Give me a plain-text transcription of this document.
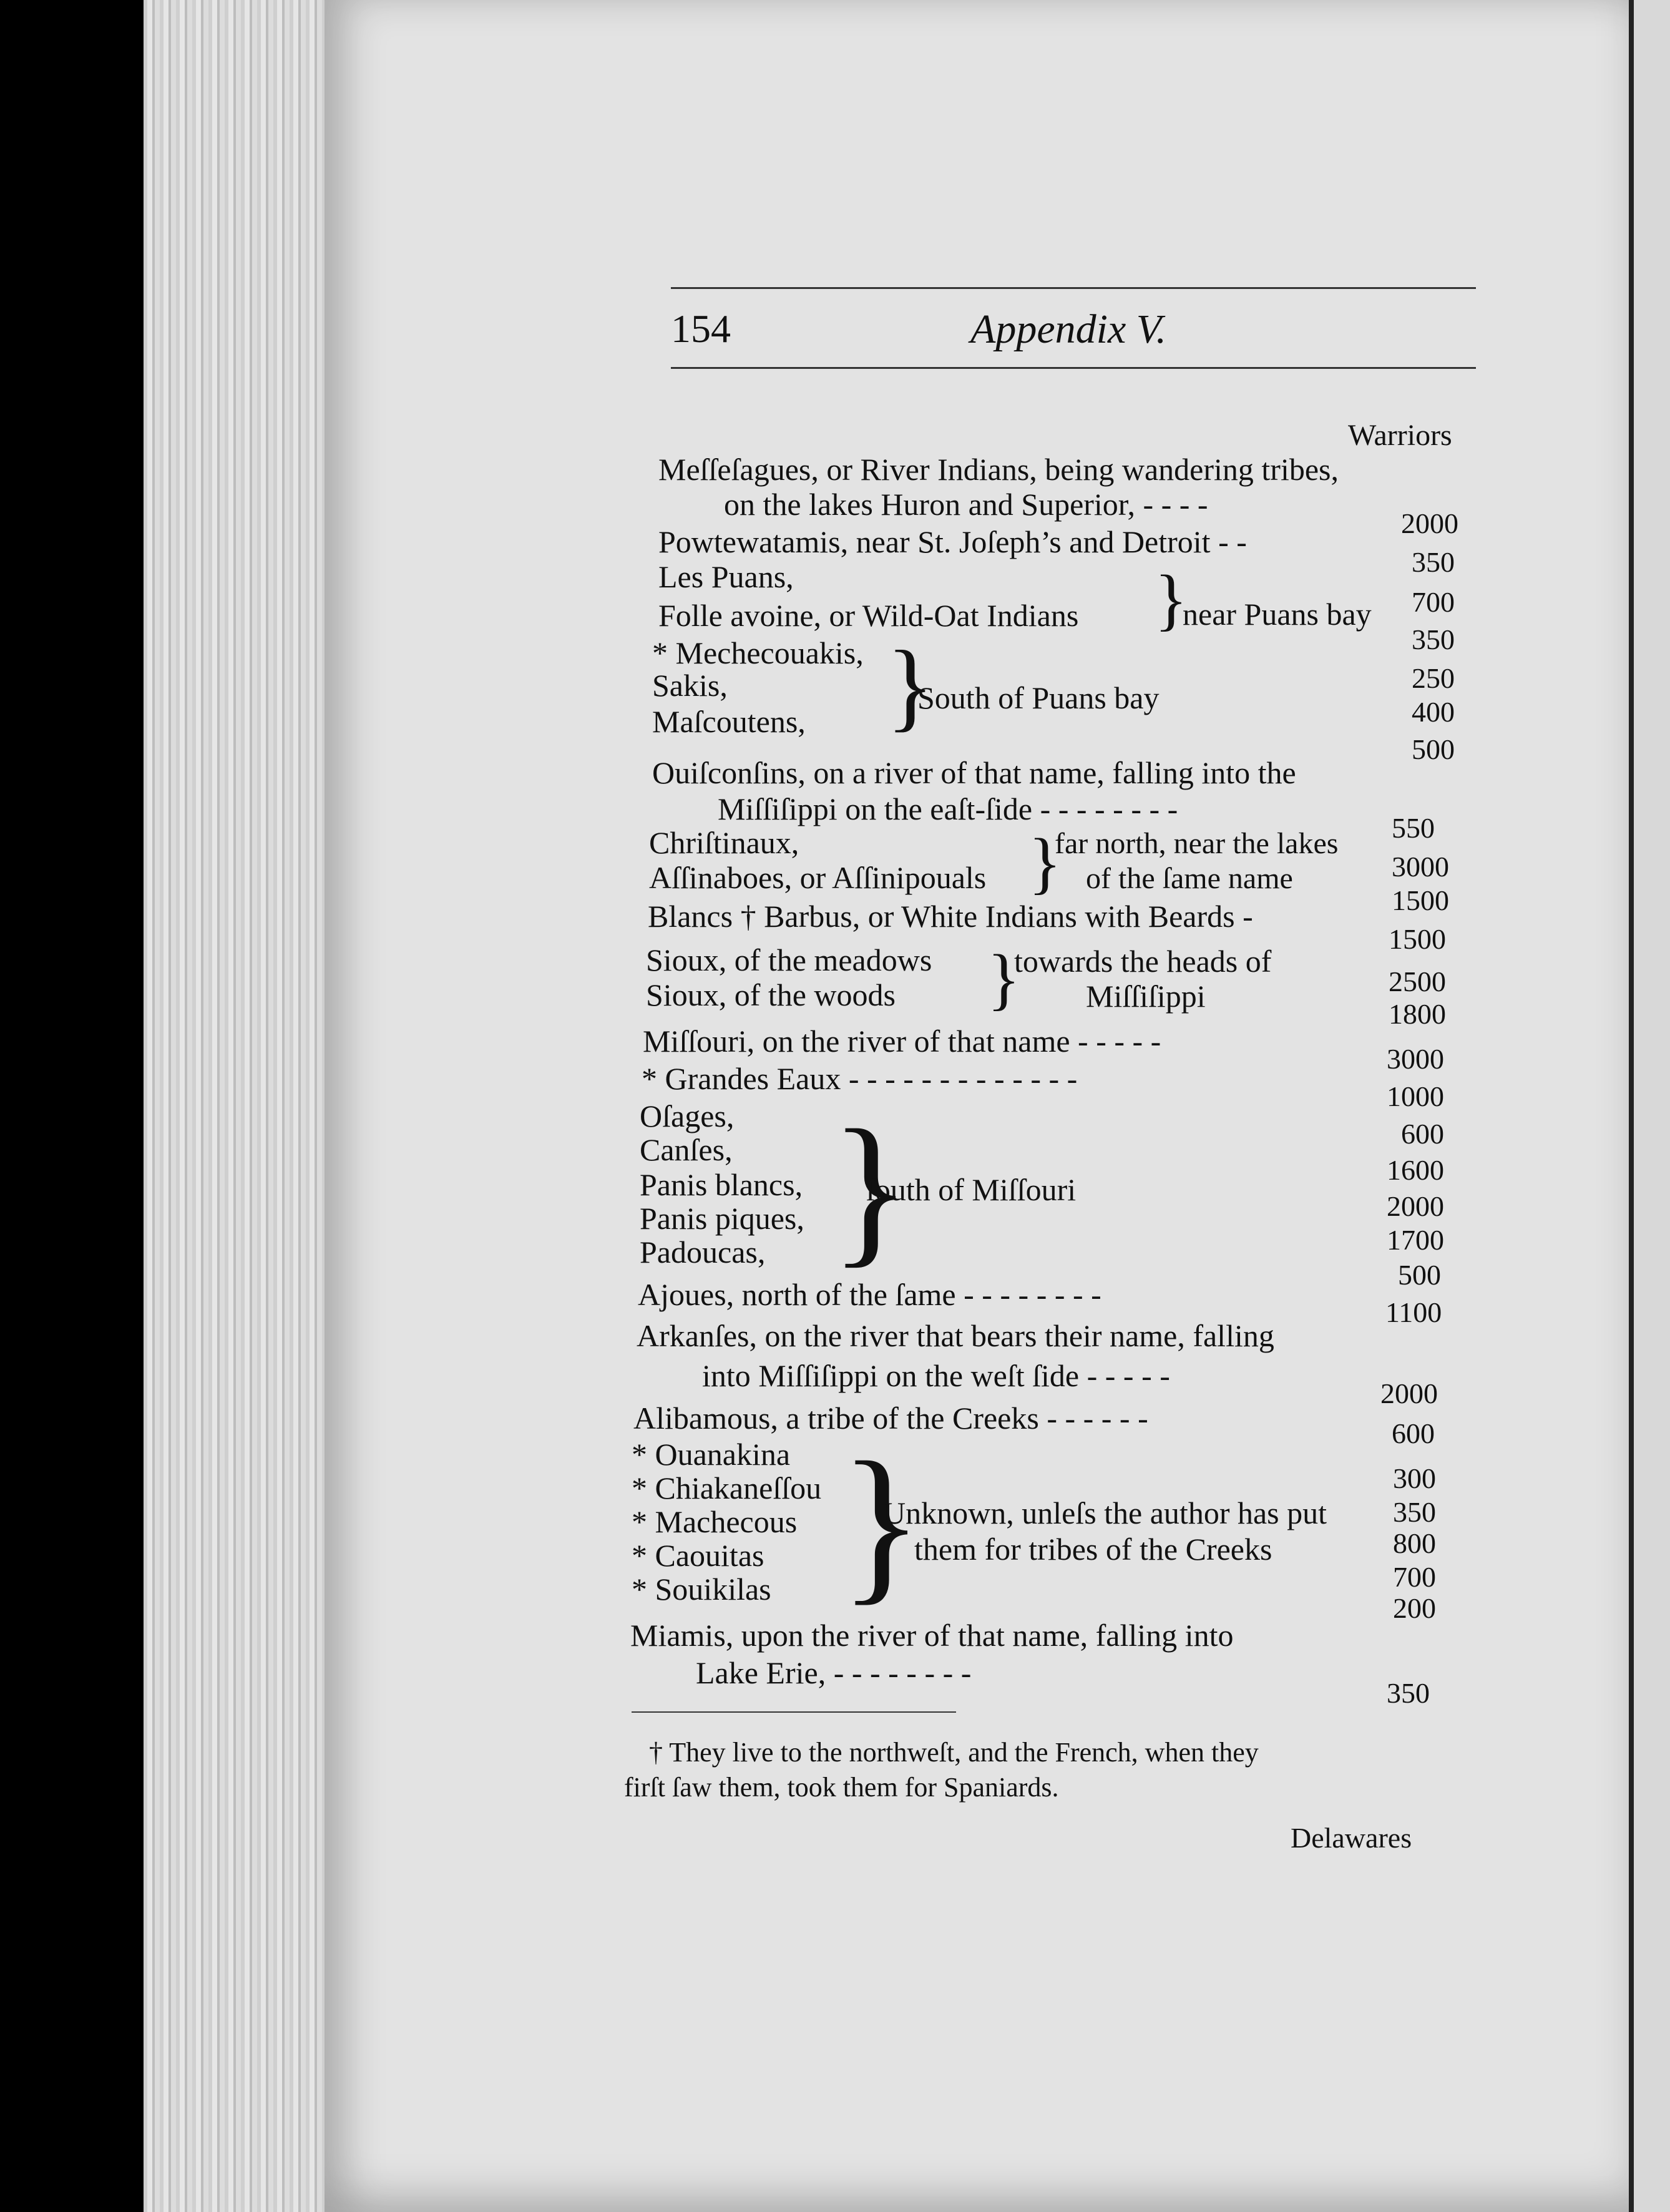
154	Appendix V.
Warriors
Meſſeſagues, or River Indians, being wandering tribes,
on the lakes Huron and Superior, - - - -
2000
Powtewatamis, near St. Joſeph’s and Detroit - -
350
Les Puans,
700
Folle avoine, or Wild-Oat Indians
350
}
near Puans bay
* Mechecouakis,
250
Sakis,
400
Maſcoutens,
500
}
South of Puans bay
Ouiſconſins, on a river of that name, falling into the
Miſſiſippi on the eaſt-ſide - - - - - - - -
550
Chriſtinaux,
3000
Aſſinaboes, or Aſſinipouals
1500
}
far north, near the lakes
of the ſame name
Blancs † Barbus, or White Indians with Beards -
1500
Sioux, of the meadows
2500
Sioux, of the woods
1800
}
towards the heads of
Miſſiſippi
Miſſouri, on the river of that name - - - - -
3000
* Grandes Eaux - - - - - - - - - - - - -
1000
Oſages,
600
Canſes,
1600
Panis blancs,
2000
Panis piques,
1700
Padoucas,
500
}
ſouth of Miſſouri
Ajoues, north of the ſame - - - - - - - -
1100
Arkanſes, on the river that bears their name, falling
into Miſſiſippi on the weſt ſide - - - - -
2000
Alibamous, a tribe of the Creeks - - - - - -	600
* Ouanakina
300
* Chiakaneſſou
350
* Machecous
800
* Caouitas
700
* Souikilas
200
}
Unknown, unleſs the author has put
them for tribes of the Creeks
Miamis, upon the river of that name, falling into
Lake Erie, - - - - - - - -
350
† They live to the northweſt, and the French, when they
firſt ſaw them, took them for Spaniards.
Delawares
